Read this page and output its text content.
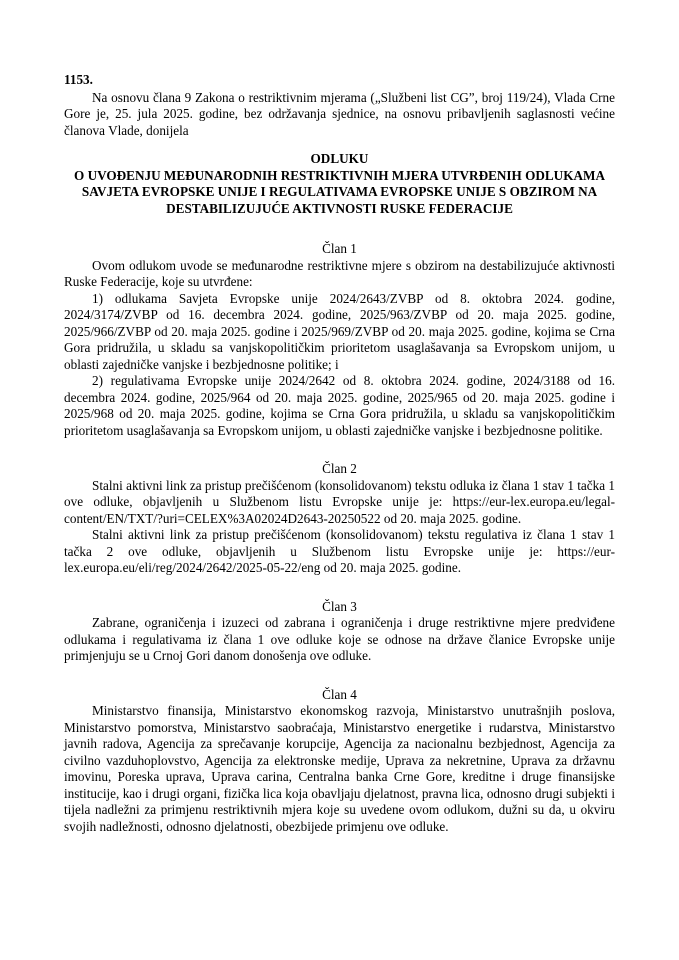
1153.

Na osnovu člana 9 Zakona o restriktivnim mjerama („Službeni list CG”, broj 119/24), Vlada Crne Gore je, 25. jula 2025. godine, bez održavanja sjednice, na osnovu pribavljenih saglasnosti većine članova Vlade, donijela

ODLUKU

O UVOĐENJU MEĐUNARODNIH RESTRIKTIVNIH MJERA UTVRĐENIH ODLUKAMA SAVJETA EVROPSKE UNIJE I REGULATIVAMA EVROPSKE UNIJE S OBZIROM NA DESTABILIZUJUĆE AKTIVNOSTI RUSKE FEDERACIJE

Član 1

Ovom odlukom uvode se međunarodne restriktivne mjere s obzirom na destabilizujuće aktivnosti Ruske Federacije, koje su utvrđene:

1) odlukama Savjeta Evropske unije 2024/2643/ZVBP od 8. oktobra 2024. godine, 2024/3174/ZVBP od 16. decembra 2024. godine, 2025/963/ZVBP od 20. maja 2025. godine, 2025/966/ZVBP od 20. maja 2025. godine i 2025/969/ZVBP od 20. maja 2025. godine, kojima se Crna Gora pridružila, u skladu sa vanjskopolitičkim prioritetom usaglašavanja sa Evropskom unijom, u oblasti zajedničke vanjske i bezbjednosne politike; i

2) regulativama Evropske unije 2024/2642 od 8. oktobra 2024. godine, 2024/3188 od 16. decembra 2024. godine, 2025/964 od 20. maja 2025. godine, 2025/965 od 20. maja 2025. godine i 2025/968 od 20. maja 2025. godine, kojima se Crna Gora pridružila, u skladu sa vanjskopolitičkim prioritetom usaglašavanja sa Evropskom unijom, u oblasti zajedničke vanjske i bezbjednosne politike.

Član 2

Stalni aktivni link za pristup prečišćenom (konsolidovanom) tekstu odluka iz člana 1 stav 1 tačka 1 ove odluke, objavljenih u Službenom listu Evropske unije je: https://eur-lex.europa.eu/legal-content/EN/TXT/?uri=CELEX%3A02024D2643-20250522 od 20. maja 2025. godine.

Stalni aktivni link za pristup prečišćenom (konsolidovanom) tekstu regulativa iz člana 1 stav 1 tačka 2 ove odluke, objavljenih u Službenom listu Evropske unije je: https://eur-lex.europa.eu/eli/reg/2024/2642/2025-05-22/eng od 20. maja 2025. godine.

Član 3

Zabrane, ograničenja i izuzeci od zabrana i ograničenja i druge restriktivne mjere predviđene odlukama i regulativama iz člana 1 ove odluke koje se odnose na države članice Evropske unije primjenjuju se u Crnoj Gori danom donošenja ove odluke.

Član 4

Ministarstvo finansija, Ministarstvo ekonomskog razvoja, Ministarstvo unutrašnjih poslova, Ministarstvo pomorstva, Ministarstvo saobraćaja, Ministarstvo energetike i rudarstva, Ministarstvo javnih radova, Agencija za sprečavanje korupcije, Agencija za nacionalnu bezbjednost, Agencija za civilno vazduhoplovstvo, Agencija za elektronske medije, Uprava za nekretnine, Uprava za državnu imovinu, Poreska uprava, Uprava carina, Centralna banka Crne Gore, kreditne i druge finansijske institucije, kao i drugi organi, fizička lica koja obavljaju djelatnost, pravna lica, odnosno drugi subjekti i tijela nadležni za primjenu restriktivnih mjera koje su uvedene ovom odlukom, dužni su da, u okviru svojih nadležnosti, odnosno djelatnosti, obezbijede primjenu ove odluke.
